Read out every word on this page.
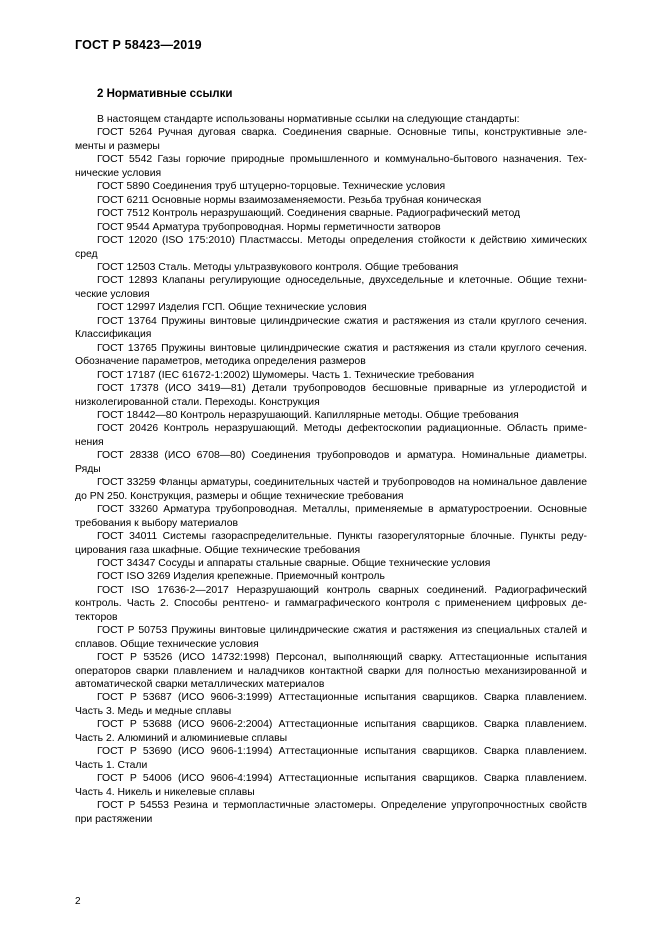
ГОСТ Р 58423—2019
2 Нормативные ссылки

В настоящем стандарте использованы нормативные ссылки на следующие стандарты:

ГОСТ 5264 Ручная дуговая сварка. Соединения сварные. Основные типы, конструктивные элементы и размеры

ГОСТ 5542 Газы горючие природные промышленного и коммунально-бытового назначения. Технические условия

ГОСТ 5890 Соединения труб штуцерно-торцовые. Технические условия

ГОСТ 6211 Основные нормы взаимозаменяемости. Резьба трубная коническая

ГОСТ 7512 Контроль неразрушающий. Соединения сварные. Радиографический метод

ГОСТ 9544 Арматура трубопроводная. Нормы герметичности затворов

ГОСТ 12020 (ISO 175:2010) Пластмассы. Методы определения стойкости к действию химических сред

ГОСТ 12503 Сталь. Методы ультразвукового контроля. Общие требования

ГОСТ 12893 Клапаны регулирующие односедельные, двухседельные и клеточные. Общие технические условия

ГОСТ 12997 Изделия ГСП. Общие технические условия

ГОСТ 13764 Пружины винтовые цилиндрические сжатия и растяжения из стали круглого сечения. Классификация

ГОСТ 13765 Пружины винтовые цилиндрические сжатия и растяжения из стали круглого сечения. Обозначение параметров, методика определения размеров

ГОСТ 17187 (IEC 61672-1:2002) Шумомеры. Часть 1. Технические требования

ГОСТ 17378 (ИСО 3419—81) Детали трубопроводов бесшовные приварные из углеродистой и низколегированной стали. Переходы. Конструкция

ГОСТ 18442—80 Контроль неразрушающий. Капиллярные методы. Общие требования

ГОСТ 20426 Контроль неразрушающий. Методы дефектоскопии радиационные. Область применения

ГОСТ 28338 (ИСО 6708—80) Соединения трубопроводов и арматура. Номинальные диаметры. Ряды

ГОСТ 33259 Фланцы арматуры, соединительных частей и трубопроводов на номинальное давление до PN 250. Конструкция, размеры и общие технические требования

ГОСТ 33260 Арматура трубопроводная. Металлы, применяемые в арматуростроении. Основные требования к выбору материалов

ГОСТ 34011 Системы газораспределительные. Пункты газорегуляторные блочные. Пункты редуцирования газа шкафные. Общие технические требования

ГОСТ 34347 Сосуды и аппараты стальные сварные. Общие технические условия

ГОСТ ISO 3269 Изделия крепежные. Приемочный контроль

ГОСТ ISO 17636-2—2017 Неразрушающий контроль сварных соединений. Радиографический контроль. Часть 2. Способы рентгено- и гаммаграфического контроля с применением цифровых детекторов

ГОСТ Р 50753 Пружины винтовые цилиндрические сжатия и растяжения из специальных сталей и сплавов. Общие технические условия

ГОСТ Р 53526 (ИСО 14732:1998) Персонал, выполняющий сварку. Аттестационные испытания операторов сварки плавлением и наладчиков контактной сварки для полностью механизированной и автоматической сварки металлических материалов

ГОСТ Р 53687 (ИСО 9606-3:1999) Аттестационные испытания сварщиков. Сварка плавлением. Часть 3. Медь и медные сплавы

ГОСТ Р 53688 (ИСО 9606-2:2004) Аттестационные испытания сварщиков. Сварка плавлением. Часть 2. Алюминий и алюминиевые сплавы

ГОСТ Р 53690 (ИСО 9606-1:1994) Аттестационные испытания сварщиков. Сварка плавлением. Часть 1. Стали

ГОСТ Р 54006 (ИСО 9606-4:1994) Аттестационные испытания сварщиков. Сварка плавлением. Часть 4. Никель и никелевые сплавы

ГОСТ Р 54553 Резина и термопластичные эластомеры. Определение упругопрочностных свойств при растяжении

2
